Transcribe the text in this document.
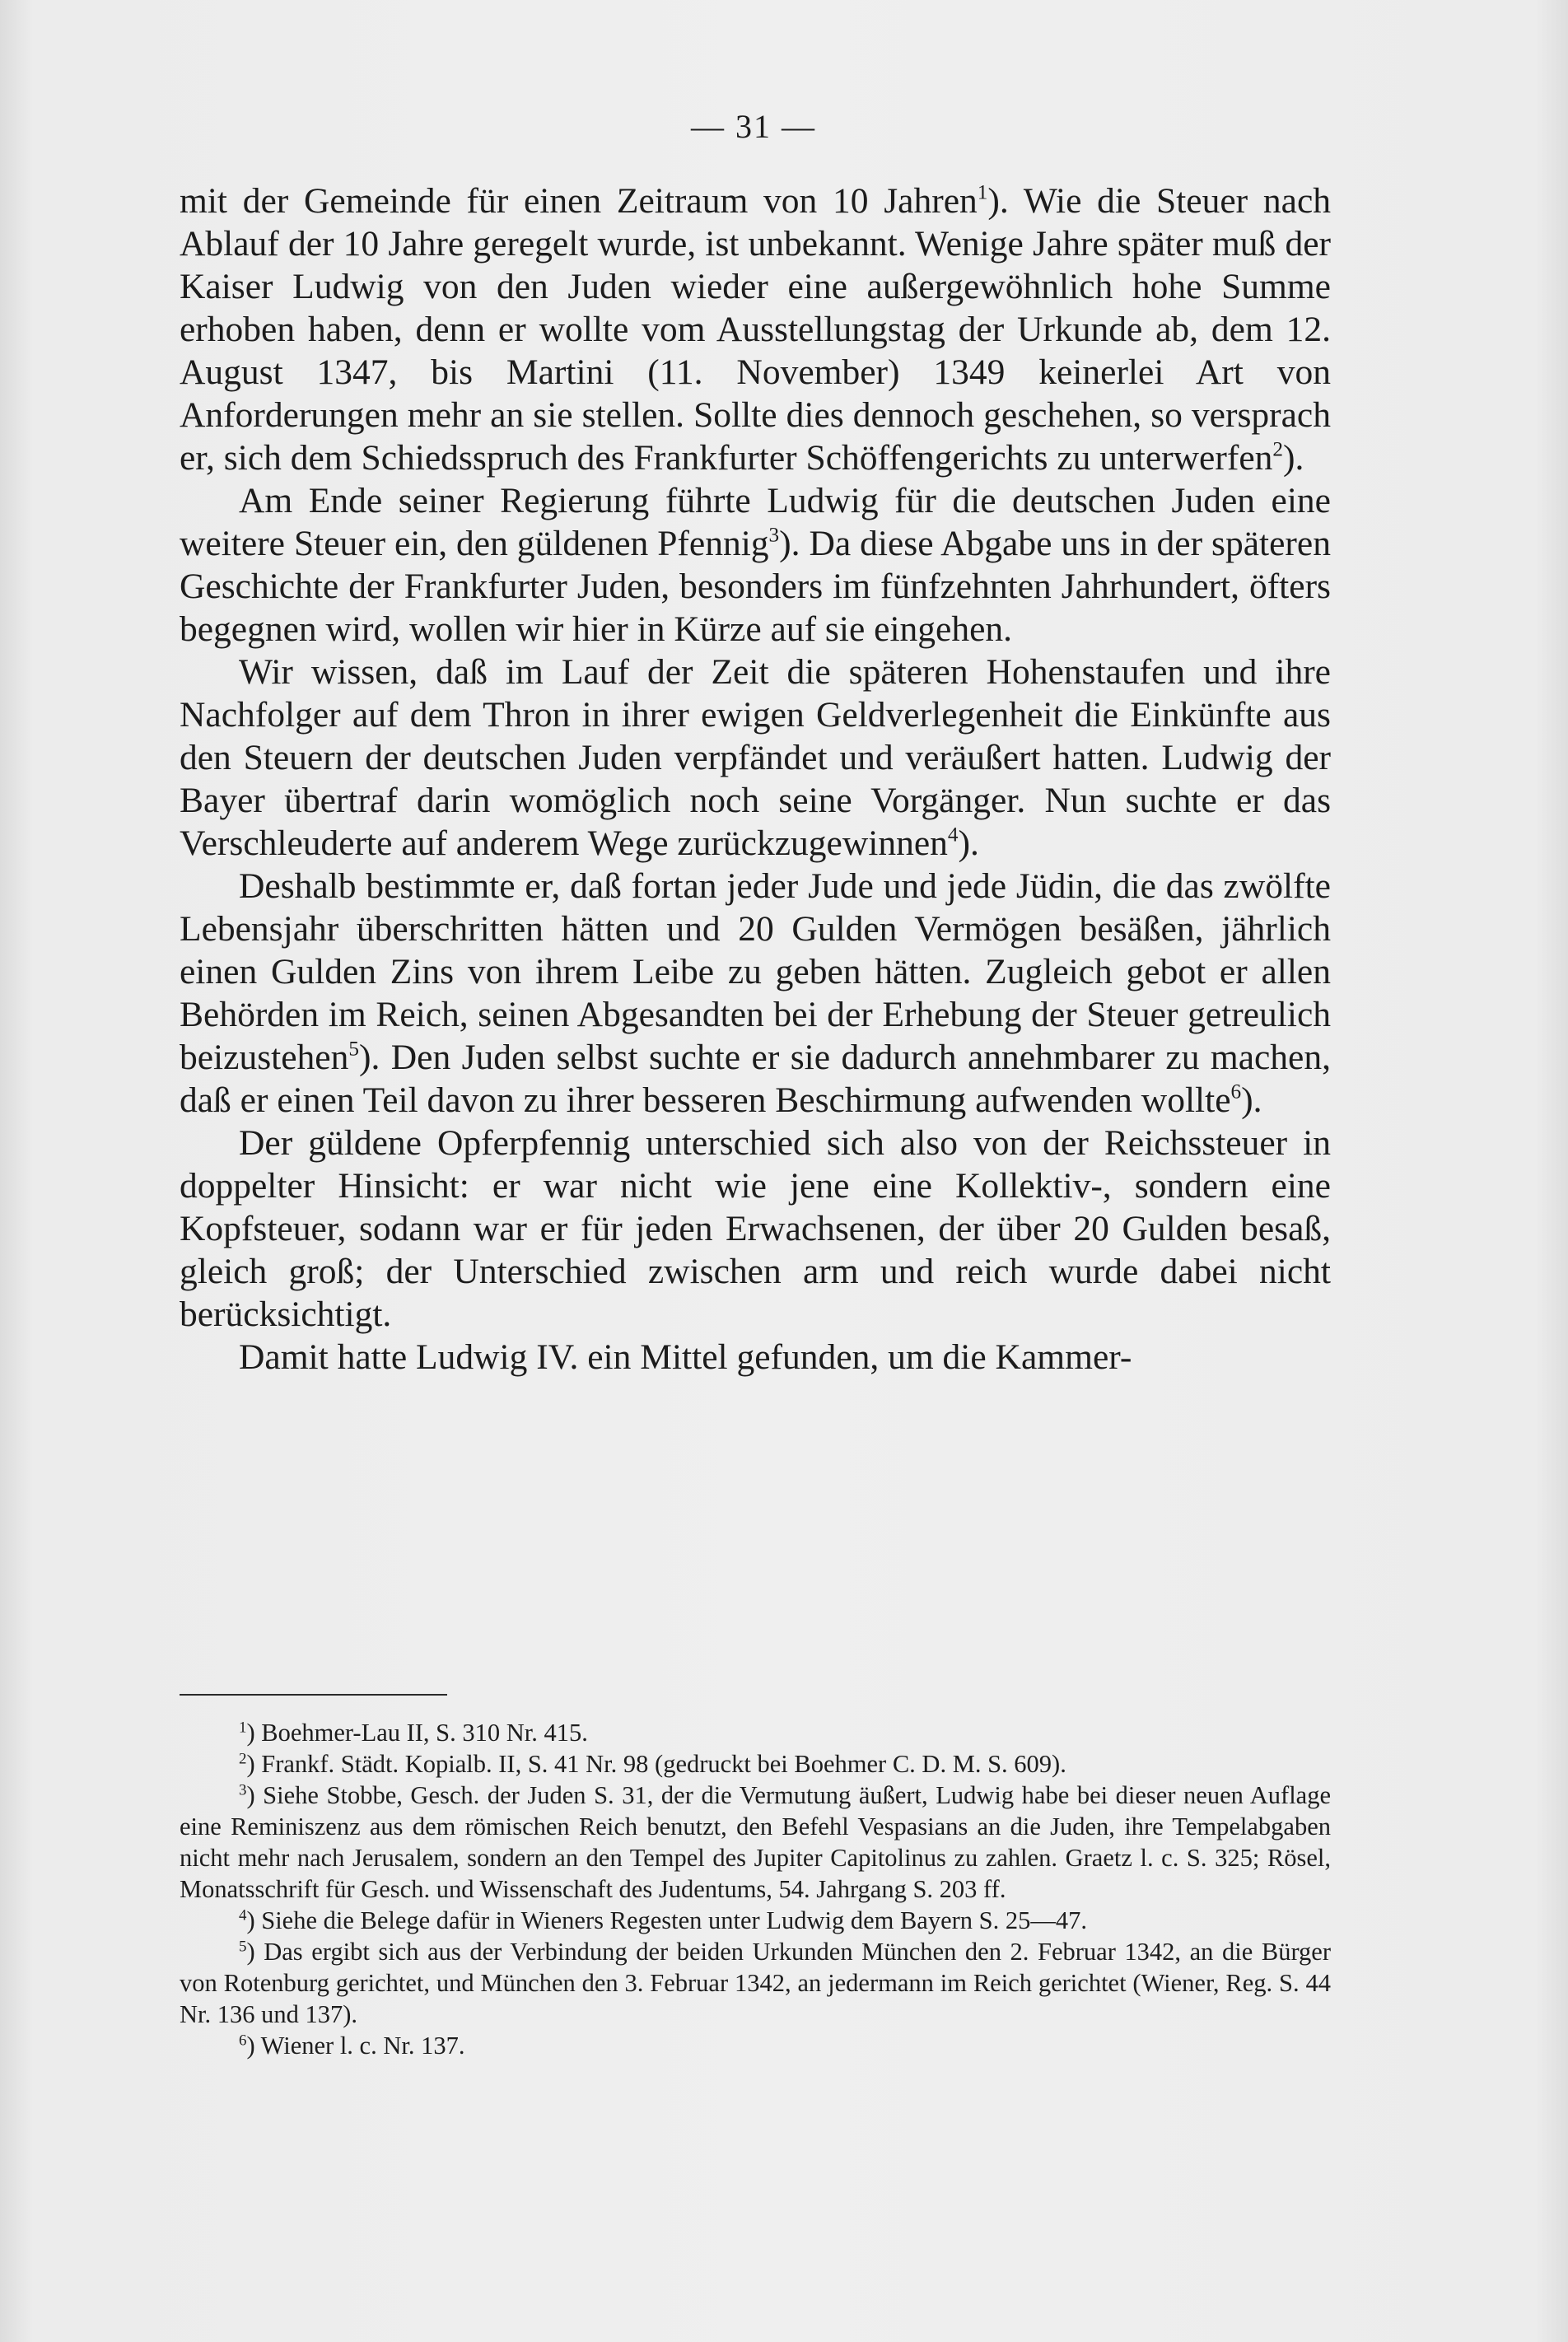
— 31 —

mit der Gemeinde für einen Zeitraum von 10 Jahren$^1$). Wie die Steuer nach Ablauf der 10 Jahre geregelt wurde, ist unbekannt. Wenige Jahre später muß der Kaiser Ludwig von den Juden wieder eine außergewöhnlich hohe Summe erhoben haben, denn er wollte vom Ausstellungstag der Urkunde ab, dem 12. August 1347, bis Martini (11. November) 1349 keinerlei Art von Anforderungen mehr an sie stellen. Sollte dies dennoch geschehen, so versprach er, sich dem Schiedsspruch des Frankfurter Schöffengerichts zu unterwerfen$^2$).

Am Ende seiner Regierung führte Ludwig für die deutschen Juden eine weitere Steuer ein, den güldenen Pfennig$^3$). Da diese Abgabe uns in der späteren Geschichte der Frankfurter Juden, besonders im fünfzehnten Jahrhundert, öfters begegnen wird, wollen wir hier in Kürze auf sie eingehen.

Wir wissen, daß im Lauf der Zeit die späteren Hohenstaufen und ihre Nachfolger auf dem Thron in ihrer ewigen Geldverlegenheit die Einkünfte aus den Steuern der deutschen Juden verpfändet und veräußert hatten. Ludwig der Bayer übertraf darin womöglich noch seine Vorgänger. Nun suchte er das Verschleuderte auf anderem Wege zurückzugewinnen$^4$).

Deshalb bestimmte er, daß fortan jeder Jude und jede Jüdin, die das zwölfte Lebensjahr überschritten hätten und 20 Gulden Vermögen besäßen, jährlich einen Gulden Zins von ihrem Leibe zu geben hätten. Zugleich gebot er allen Behörden im Reich, seinen Abgesandten bei der Erhebung der Steuer getreulich beizustehen$^5$). Den Juden selbst suchte er sie dadurch annehmbarer zu machen, daß er einen Teil davon zu ihrer besseren Beschirmung aufwenden wollte$^6$).

Der güldene Opferpfennig unterschied sich also von der Reichssteuer in doppelter Hinsicht: er war nicht wie jene eine Kollektiv-, sondern eine Kopfsteuer, sodann war er für jeden Erwachsenen, der über 20 Gulden besaß, gleich groß; der Unterschied zwischen arm und reich wurde dabei nicht berücksichtigt.

Damit hatte Ludwig IV. ein Mittel gefunden, um die Kammer-

$^1$) Boehmer-Lau II, S. 310 Nr. 415.

$^2$) Frankf. Städt. Kopialb. II, S. 41 Nr. 98 (gedruckt bei Boehmer C. D. M. S. 609).

$^3$) Siehe Stobbe, Gesch. der Juden S. 31, der die Vermutung äußert, Ludwig habe bei dieser neuen Auflage eine Reminiszenz aus dem römischen Reich benutzt, den Befehl Vespasians an die Juden, ihre Tempelabgaben nicht mehr nach Jerusalem, sondern an den Tempel des Jupiter Capitolinus zu zahlen. Graetz l. c. S. 325; Rösel, Monatsschrift für Gesch. und Wissenschaft des Judentums, 54. Jahrgang S. 203 ff.

$^4$) Siehe die Belege dafür in Wieners Regesten unter Ludwig dem Bayern S. 25—47.

$^5$) Das ergibt sich aus der Verbindung der beiden Urkunden München den 2. Februar 1342, an die Bürger von Rotenburg gerichtet, und München den 3. Februar 1342, an jedermann im Reich gerichtet (Wiener, Reg. S. 44 Nr. 136 und 137).

$^6$) Wiener l. c. Nr. 137.
